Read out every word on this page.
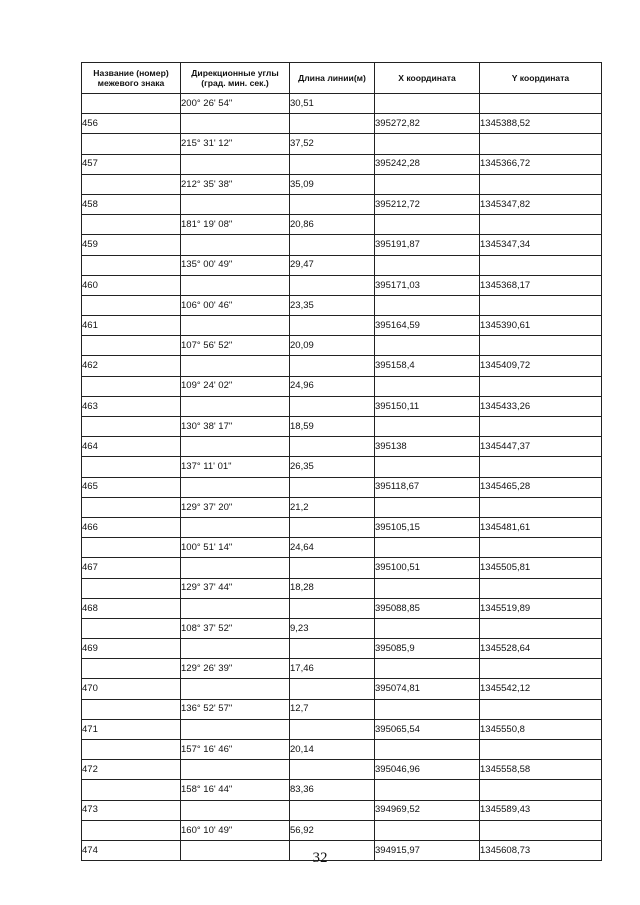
Название (номер) межевого знака	Дирекционные углы (град. мин. сек.)	Длина линии(м)	X координата	Y координата
	200° 26' 54"	30,51		
456			395272,82	1345388,52
	215° 31' 12"	37,52		
457			395242,28	1345366,72
	212° 35' 38"	35,09		
458			395212,72	1345347,82
	181° 19' 08"	20,86		
459			395191,87	1345347,34
	135° 00' 49"	29,47		
460			395171,03	1345368,17
	106° 00' 46"	23,35		
461			395164,59	1345390,61
	107° 56' 52"	20,09		
462			395158,4	1345409,72
	109° 24' 02"	24,96		
463			395150,11	1345433,26
	130° 38' 17"	18,59		
464			395138	1345447,37
	137° 11' 01"	26,35		
465			395118,67	1345465,28
	129° 37' 20"	21,2		
466			395105,15	1345481,61
	100° 51' 14"	24,64		
467			395100,51	1345505,81
	129° 37' 44"	18,28		
468			395088,85	1345519,89
	108° 37' 52"	9,23		
469			395085,9	1345528,64
	129° 26' 39"	17,46		
470			395074,81	1345542,12
	136° 52' 57"	12,7		
471			395065,54	1345550,8
	157° 16' 46"	20,14		
472			395046,96	1345558,58
	158° 16' 44"	83,36		
473			394969,52	1345589,43
	160° 10' 49"	56,92		
474			394915,97	1345608,73
32
